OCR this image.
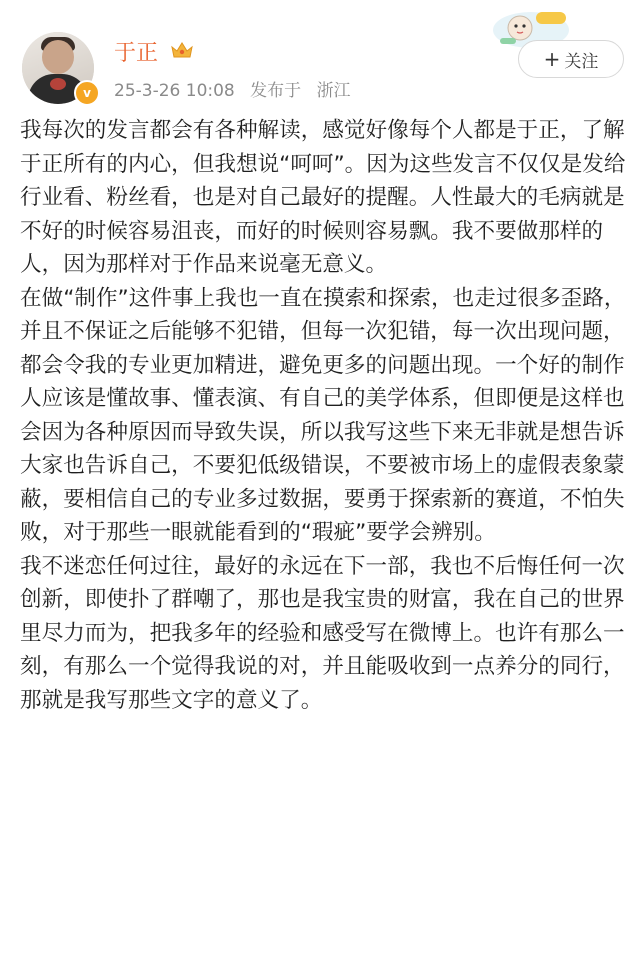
v
于正
25-3-26 10:08 发布于 浙江
+ 关注

我每次的发言都会有各种解读，感觉好像每个人都是于正，了解于正所有的内心，但我想说“呵呵”。因为这些发言不仅仅是发给行业看、粉丝看，也是对自己最好的提醒。人性最大的毛病就是不好的时候容易沮丧，而好的时候则容易飘。我不要做那样的人，因为那样对于作品来说毫无意义。

在做“制作”这件事上我也一直在摸索和探索，也走过很多歪路，并且不保证之后能够不犯错，但每一次犯错，每一次出现问题，都会令我的专业更加精进，避免更多的问题出现。一个好的制作人应该是懂故事、懂表演、有自己的美学体系，但即便是这样也会因为各种原因而导致失误，所以我写这些下来无非就是想告诉大家也告诉自己，不要犯低级错误，不要被市场上的虚假表象蒙蔽，要相信自己的专业多过数据，要勇于探索新的赛道，不怕失败，对于那些一眼就能看到的“瑕疵”要学会辨别。

我不迷恋任何过往，最好的永远在下一部，我也不后悔任何一次创新，即使扑了群嘲了，那也是我宝贵的财富，我在自己的世界里尽力而为，把我多年的经验和感受写在微博上。也许有那么一刻，有那么一个觉得我说的对，并且能吸收到一点养分的同行，那就是我写那些文字的意义了。
